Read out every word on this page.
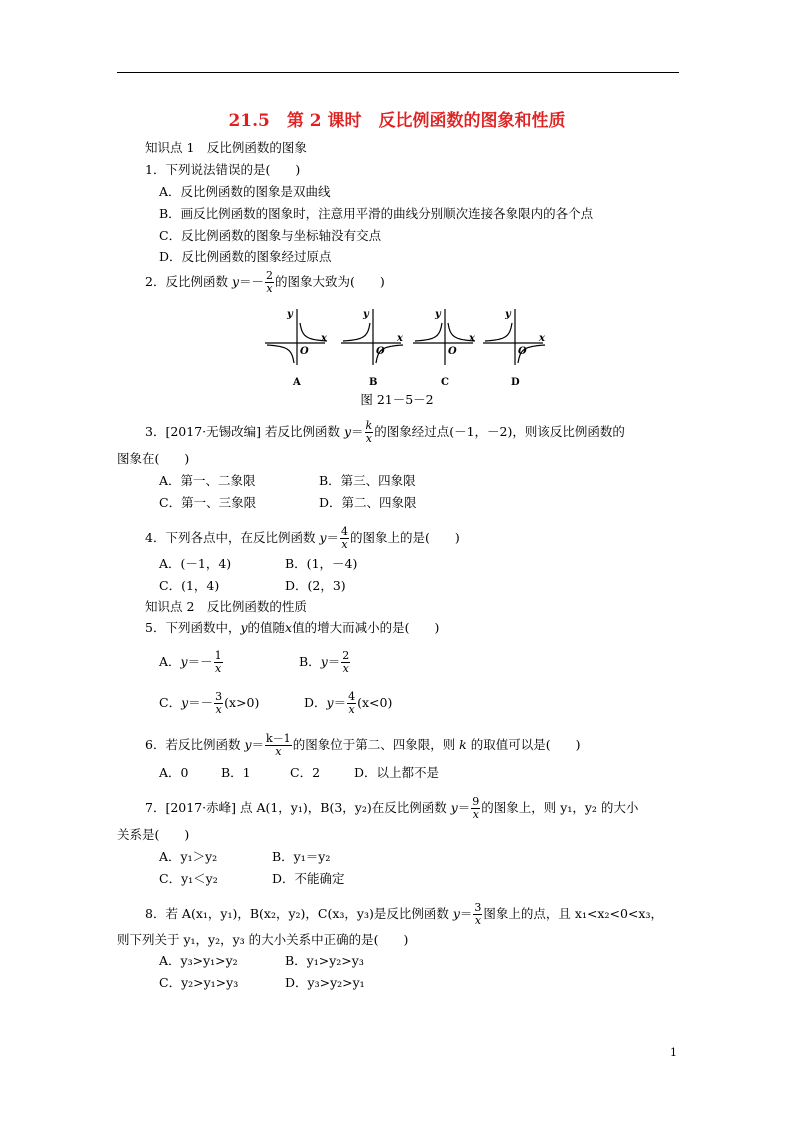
21.5　第 2 课时　反比例函数的图象和性质
知识点 1　反比例函数的图象
1．下列说法错误的是(　　)
A．反比例函数的图象是双曲线
B．画反比例函数的图象时，注意用平滑的曲线分别顺次连接各象限内的各个点
C．反比例函数的图象与坐标轴没有交点
D．反比例函数的图象经过原点
2．反比例函数 $y=- \frac{2}{x}$ 的图象大致为(　　)
y
x
O
A
y
x
O
B
y
x
O
C
y
x
O
D
图 21－5－2
3．[2017·无锡改编] 若反比例函数 $y= \frac{k}{x}$ 的图象经过点(－1，－2)，则该反比例函数的
图象在(　　)
A．第一、二象限	B．第三、四象限
C．第一、三象限	D．第二、四象限
4．下列各点中，在反比例函数 $y= \frac{4}{x}$ 的图象上的是(　　)
A．(－1，4)	B．(1，－4)
C．(1，4)	D．(2，3)
知识点 2　反比例函数的性质
5．下列函数中，y的值随x值的增大而减小的是(　　)
A．$y=- \frac{1}{x}$	B．$y= \frac{2}{x}$
C．$y=- \frac{3}{x} (x>0)$	D．$y= \frac{4}{x} (x<0)$
6．若反比例函数 $y= \frac{k-1}{x}$ 的图象位于第二、四象限，则 k 的取值可以是(　　)
A．0	B．1	C．2	D．以上都不是
7．[2017·赤峰] 点 A(1，y₁)，B(3，y₂)在反比例函数 $y= \frac{9}{x}$ 的图象上，则 y₁，y₂ 的大小
关系是(　　)
A．y₁＞y₂	B．y₁＝y₂
C．y₁＜y₂	D．不能确定
8．若 A(x₁，y₁)，B(x₂，y₂)，C(x₃，y₃)是反比例函数 $y= \frac{3}{x}$ 图象上的点，且 x₁<x₂<0<x₃，
则下列关于 y₁，y₂，y₃ 的大小关系中正确的是(　　)
A．y₃>y₁>y₂	B．y₁>y₂>y₃
C．y₂>y₁>y₃	D．y₃>y₂>y₁
1
